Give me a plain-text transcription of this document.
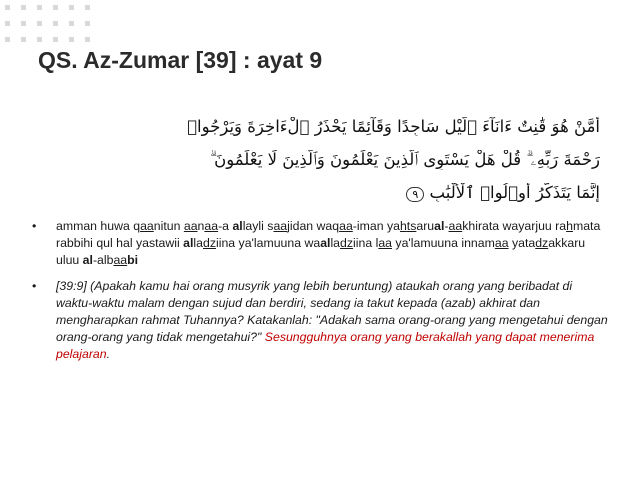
QS. Az-Zumar [39] : ayat 9
أَمَّنْ هُوَ قَٰنِتٌ ءَانَآءَ ٱلَّيْلِ سَاجِدًا وَقَآئِمًا يَحْذَرُ ٱلْءَاخِرَةَ وَيَرْجُوا۟
رَحْمَةَ رَبِّهِۦ ۗ قُلْ هَلْ يَسْتَوِى ٱلَّذِينَ يَعْلَمُونَ وَٱلَّذِينَ لَا يَعْلَمُونَ ۗ
إِنَّمَا يَتَذَكَّرُ أُو۟لُوا۟ ٱلْأَلْبَٰبِ ٩
• amman huwa qaanitun aanaa-a allayli saajidan waqaa-iman yahtsarual-aakhirata wayarjuu rahmata rabbihi qul hal yastawii alladziina ya'lamuuna waalladziina laa ya'lamuuna innamaa yatadzakkaru uluu al-albaabi
• [39:9] (Apakah kamu hai orang musyrik yang lebih beruntung) ataukah orang yang beribadat di waktu-waktu malam dengan sujud dan berdiri, sedang ia takut kepada (azab) akhirat dan mengharapkan rahmat Tuhannya? Katakanlah: "Adakah sama orang-orang yang mengetahui dengan orang-orang yang tidak mengetahui?" Sesungguhnya orang yang berakallah yang dapat menerima pelajaran.
